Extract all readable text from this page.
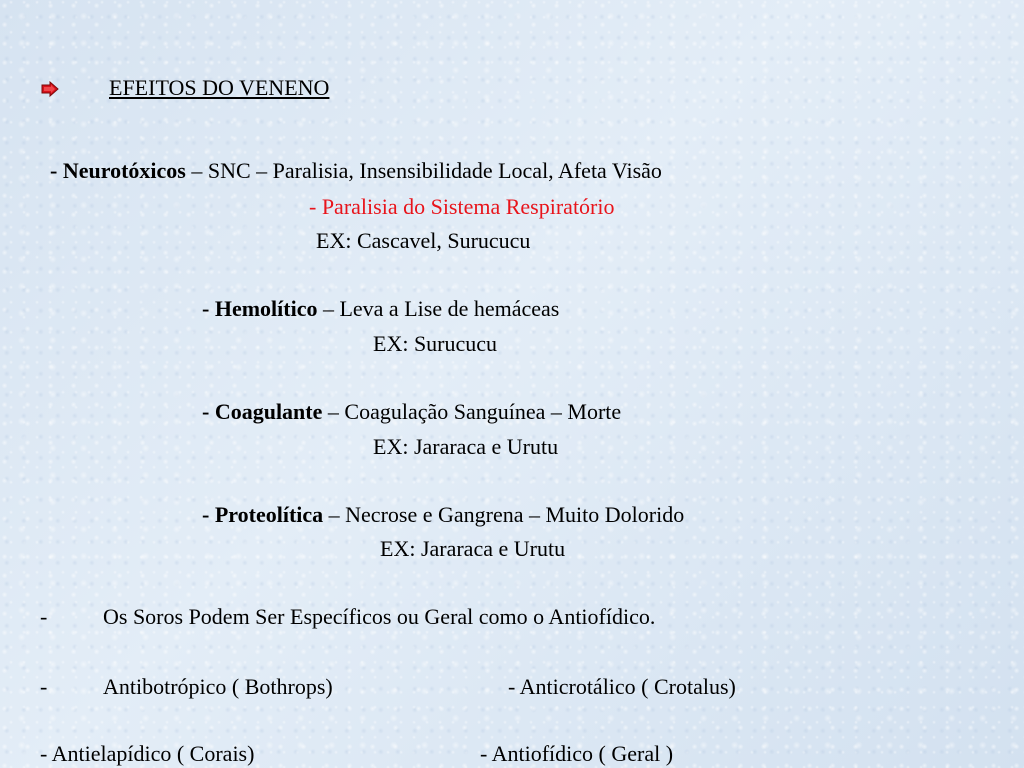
EFEITOS DO VENENO
- Neurotóxicos – SNC – Paralisia, Insensibilidade Local, Afeta Visão
- Paralisia do Sistema Respiratório
EX: Cascavel, Surucucu
- Hemolítico – Leva a Lise de hemáceas
EX: Surucucu
- Coagulante – Coagulação Sanguínea – Morte
EX: Jararaca e Urutu
- Proteolítica – Necrose e Gangrena – Muito Dolorido
EX: Jararaca e Urutu
-	Os Soros Podem Ser Específicos ou Geral como o Antiofídico.
-	Antibotrópico ( Bothrops)	- Anticrotálico ( Crotalus)
- Antielapídico ( Corais)	- Antiofídico ( Geral )
